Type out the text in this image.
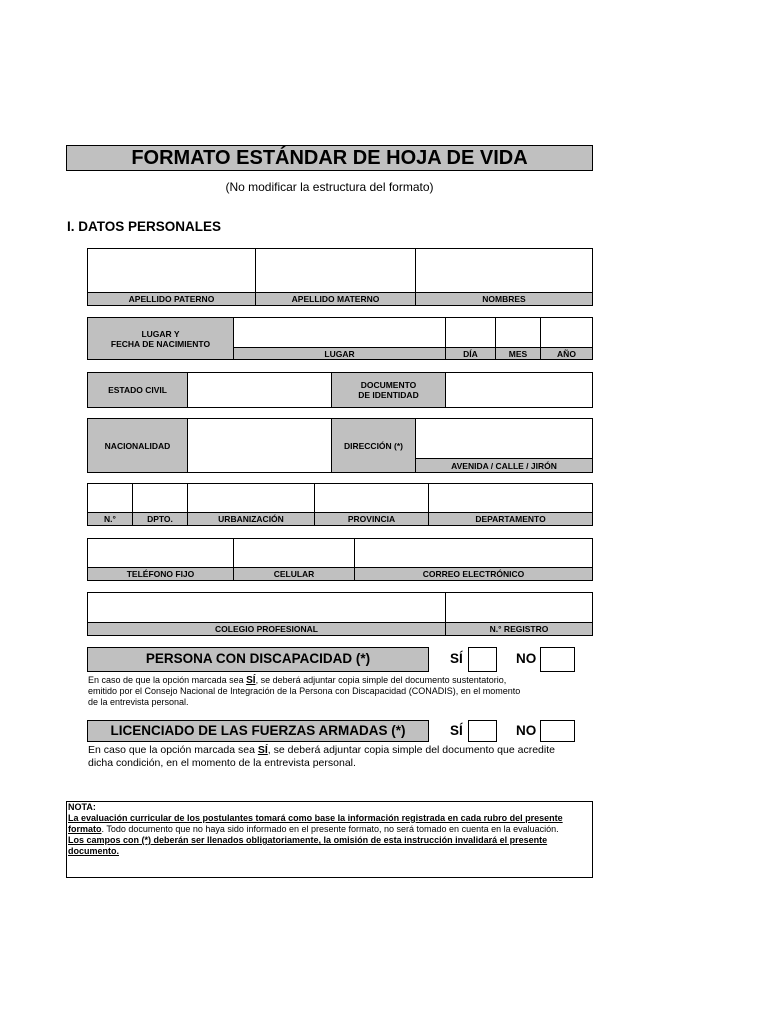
FORMATO ESTÁNDAR DE HOJA DE VIDA
(No modificar la estructura del formato)
I. DATOS PERSONALES
APELLIDO PATERNO	APELLIDO MATERNO	NOMBRES
LUGAR Y
FECHA DE NACIMIENTO
LUGAR	DÍA	MES	AÑO
ESTADO CIVIL	DOCUMENTO
DE IDENTIDAD
NACIONALIDAD	DIRECCIÓN (*)
AVENIDA / CALLE / JIRÓN
N.°	DPTO.	URBANIZACIÓN	PROVINCIA	DEPARTAMENTO
TELÉFONO FIJO	CELULAR	CORREO ELECTRÓNICO
COLEGIO PROFESIONAL	N.° REGISTRO
PERSONA CON DISCAPACIDAD (*)	SÍ	NO
En caso de que la opción marcada sea SÍ, se deberá adjuntar copia simple del documento sustentatorio,
emitido por el Consejo Nacional de Integración de la Persona con Discapacidad (CONADIS), en el momento
de la entrevista personal.
LICENCIADO DE LAS FUERZAS ARMADAS (*)	SÍ	NO
En caso que la opción marcada sea SÍ, se deberá adjuntar copia simple del documento que acredite
dicha condición, en el momento de la entrevista personal.
NOTA:
La evaluación curricular de los postulantes tomará como base la información registrada en cada rubro del presente formato. Todo documento que no haya sido informado en el presente formato, no será tomado en cuenta en la evaluación.
Los campos con (*) deberán ser llenados obligatoriamente, la omisión de esta instrucción invalidará el presente documento.
